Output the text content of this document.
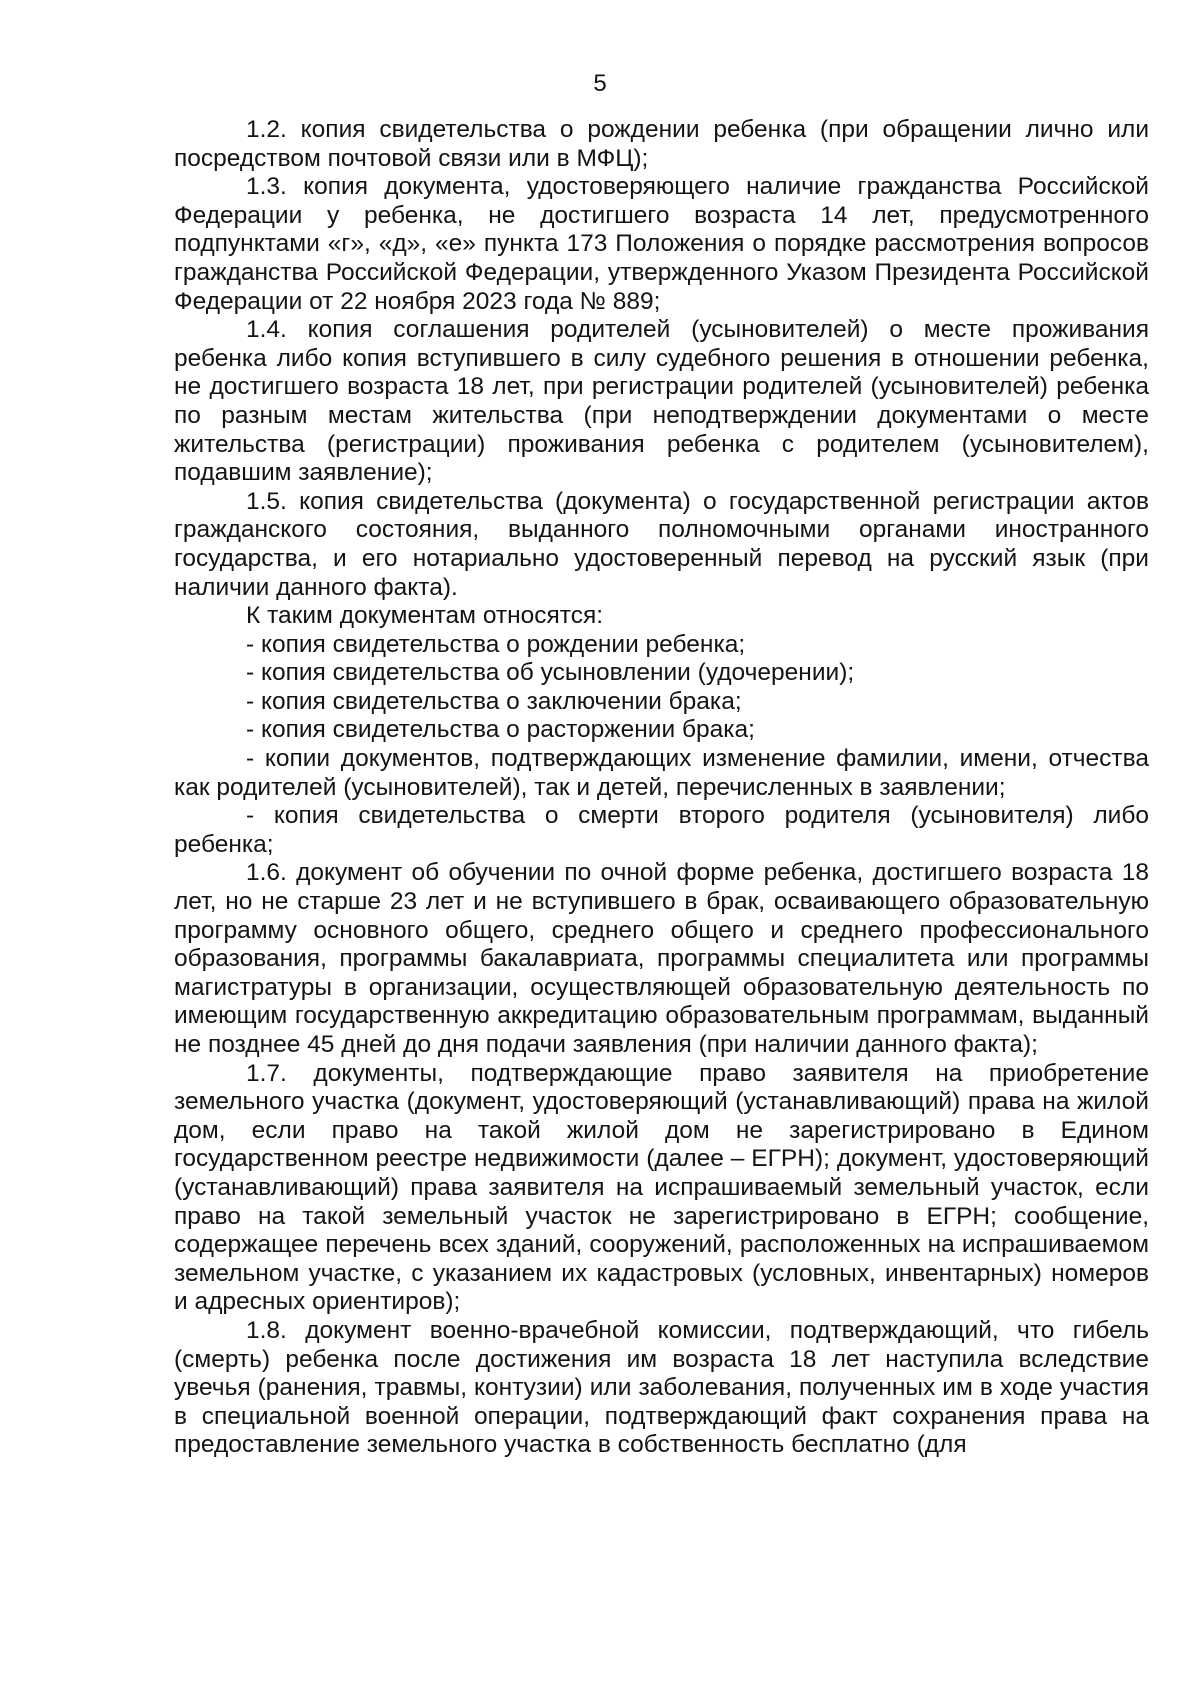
5

1.2. копия свидетельства о рождении ребенка (при обращении лично или посредством почтовой связи или в МФЦ);

1.3. копия документа, удостоверяющего наличие гражданства Российской Федерации у ребенка, не достигшего возраста 14 лет, предусмотренного подпунктами «г», «д», «е» пункта 173 Положения о порядке рассмотрения вопросов гражданства Российской Федерации, утвержденного Указом Президента Российской Федерации от 22 ноября 2023 года № 889;

1.4. копия соглашения родителей (усыновителей) о месте проживания ребенка либо копия вступившего в силу судебного решения в отношении ребенка, не достигшего возраста 18 лет, при регистрации родителей (усыновителей) ребенка по разным местам жительства (при неподтверждении документами о месте жительства (регистрации) проживания ребенка с родителем (усыновителем), подавшим заявление);

1.5. копия свидетельства (документа) о государственной регистрации актов гражданского состояния, выданного полномочными органами иностранного государства, и его нотариально удостоверенный перевод на русский язык (при наличии данного факта).

К таким документам относятся:

- копия свидетельства о рождении ребенка;

- копия свидетельства об усыновлении (удочерении);

- копия свидетельства о заключении брака;

- копия свидетельства о расторжении брака;

- копии документов, подтверждающих изменение фамилии, имени, отчества как родителей (усыновителей), так и детей, перечисленных в заявлении;

- копия свидетельства о смерти второго родителя (усыновителя) либо ребенка;

1.6. документ об обучении по очной форме ребенка, достигшего возраста 18 лет, но не старше 23 лет и не вступившего в брак, осваивающего образовательную программу основного общего, среднего общего и среднего профессионального образования, программы бакалавриата, программы специалитета или программы магистратуры в организации, осуществляющей образовательную деятельность по имеющим государственную аккредитацию образовательным программам, выданный не позднее 45 дней до дня подачи заявления (при наличии данного факта);

1.7. документы, подтверждающие право заявителя на приобретение земельного участка (документ, удостоверяющий (устанавливающий) права на жилой дом, если право на такой жилой дом не зарегистрировано в Едином государственном реестре недвижимости (далее – ЕГРН); документ, удостоверяющий (устанавливающий) права заявителя на испрашиваемый земельный участок, если право на такой земельный участок не зарегистрировано в ЕГРН; сообщение, содержащее перечень всех зданий, сооружений, расположенных на испрашиваемом земельном участке, с указанием их кадастровых (условных, инвентарных) номеров и адресных ориентиров);

1.8. документ военно-врачебной комиссии, подтверждающий, что гибель (смерть) ребенка после достижения им возраста 18 лет наступила вследствие увечья (ранения, травмы, контузии) или заболевания, полученных им в ходе участия в специальной военной операции, подтверждающий факт сохранения права на предоставление земельного участка в собственность бесплатно (для
